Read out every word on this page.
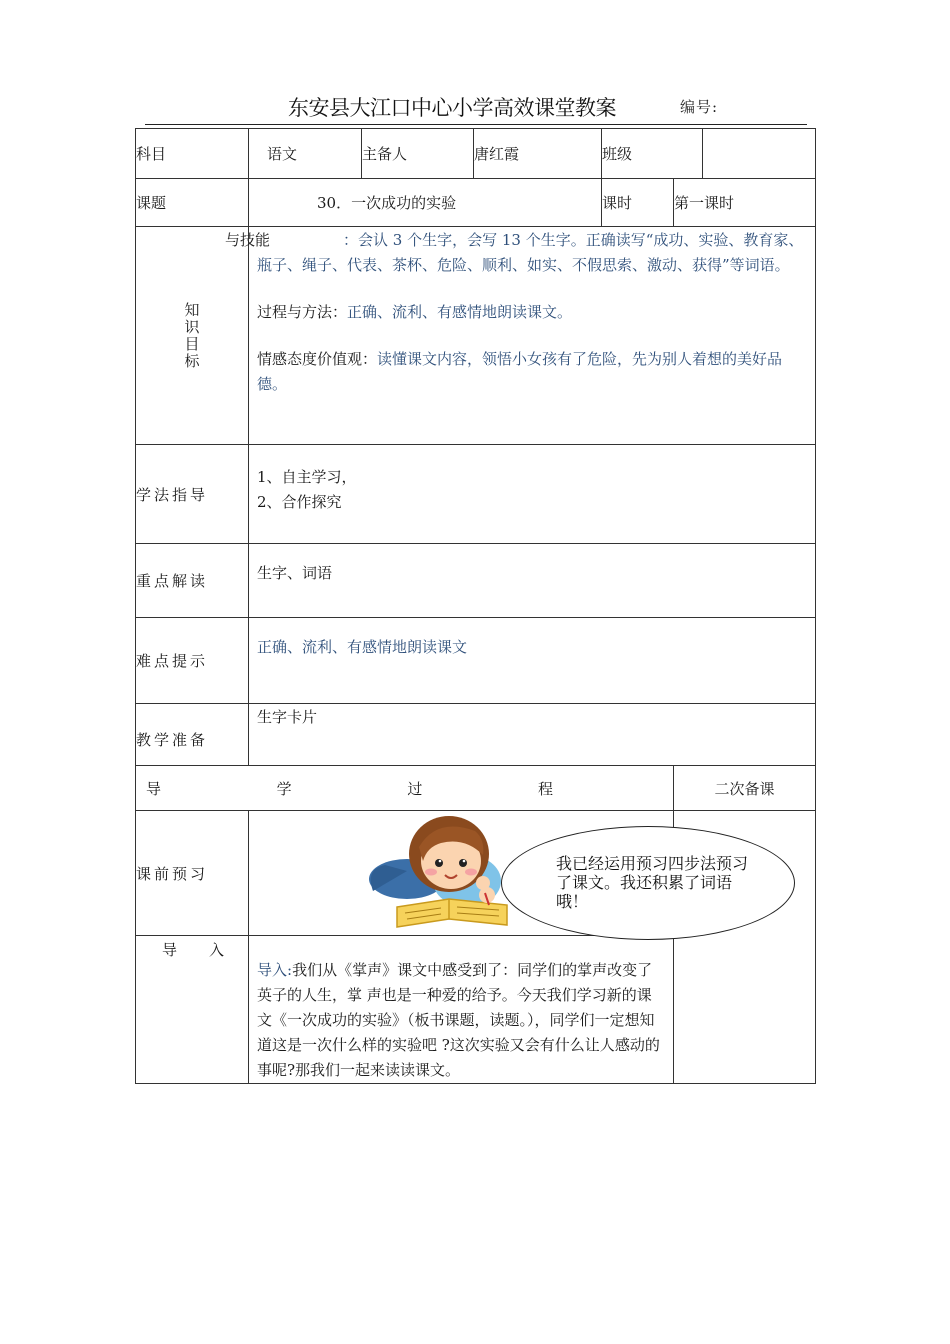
东安县大江口中心小学高效课堂教案	编号:
科目	语文	主备人	唐红霞	班级		
课题	30．一次成功的实验			课时	第一课时	

知识目标	与技能 ：会认 3 个生字，会写 13 个生字。正确读写“成功、实验、教育家、瓶子、绳子、代表、茶杯、危险、顺利、如实、不假思索、激动、获得”等词语。

过程与方法：正确、流利、有感情地朗读课文。

情感态度价值观：读懂课文内容，领悟小女孩有了危险，先为别人着想的美好品德。					

学法指导	1、自主学习，

2、合作探究					

重点解读	生字、词语					
难点提示	正确、流利、有感情地朗读课文					
教学准备	生字卡片					

导 学 过 程					二次备课	
课前预习	我已经运用预习四步法预习了课文。我还积累了词语哦！					

导 入	导入:我们从《掌声》课文中感受到了：同学们的掌声改变了英子的人生，掌 声也是一种爱的给予。今天我们学习新的课文《一次成功的实验》（板书课题，读题。），同学们一定想知道这是一次什么样的实验吧 ?这次实验又会有什么让人感动的事呢?那我们一起来读读课文。					
